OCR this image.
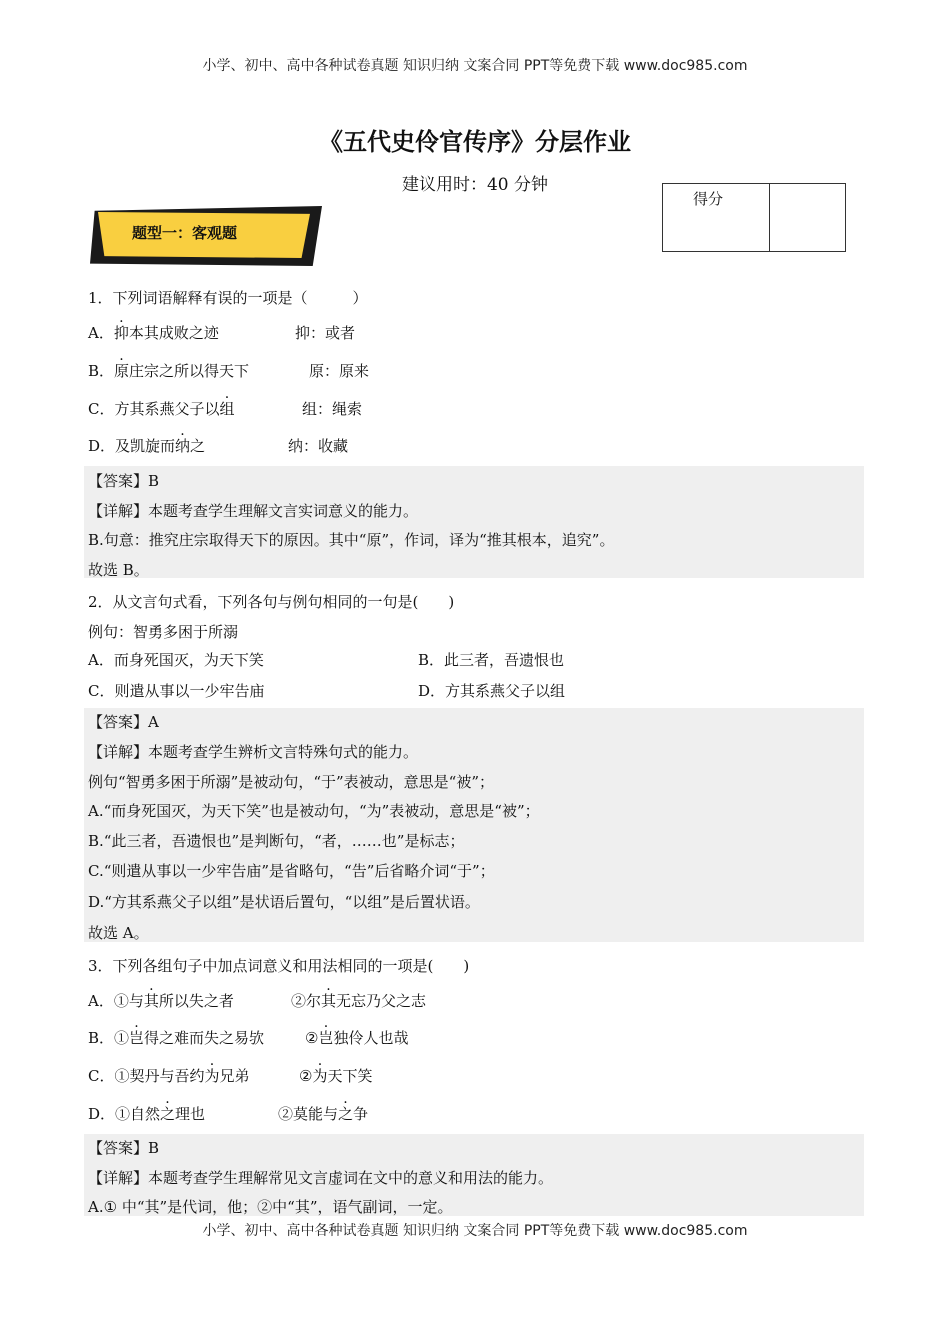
小学、初中、高中各种试卷真题 知识归纳 文案合同 PPT等免费下载 www.doc985.com
《五代史伶官传序》分层作业
建议用时：40 分钟
得分
题型一：客观题
1．下列词语解释有误的一项是（　　　）
A．抑本其成败之迹	抑：或者
B．原庄宗之所以得天下	原：原来
C．方其系燕父子以组	组：绳索
D．及凯旋而纳之	纳：收藏
【答案】B
【详解】本题考查学生理解文言实词意义的能力。
B.句意：推究庄宗取得天下的原因。其中“原”，作词，译为“推其根本，追究”。
故选 B。
2．从文言句式看，下列各句与例句相同的一句是(　　)
例句：智勇多困于所溺
A．而身死国灭，为天下笑	B．此三者，吾遗恨也
C．则遣从事以一少牢告庙	D．方其系燕父子以组
【答案】A
【详解】本题考查学生辨析文言特殊句式的能力。
例句“智勇多困于所溺”是被动句，“于”表被动，意思是“被”；
A.“而身死国灭，为天下笑”也是被动句，“为”表被动，意思是“被”；
B.“此三者，吾遗恨也”是判断句，“者，……也”是标志；
C.“则遣从事以一少牢告庙”是省略句，“告”后省略介词“于”；
D.“方其系燕父子以组”是状语后置句，“以组”是后置状语。
故选 A。
3．下列各组句子中加点词意义和用法相同的一项是(　　)
A．①与其所以失之者	②尔其无忘乃父之志
B．①岂得之难而失之易欤	②岂独伶人也哉
C．①契丹与吾约为兄弟	②为天下笑
D．①自然之理也	②莫能与之争
【答案】B
【详解】本题考查学生理解常见文言虚词在文中的意义和用法的能力。
A.① 中“其”是代词，他；②中“其”，语气副词，一定。
小学、初中、高中各种试卷真题 知识归纳 文案合同 PPT等免费下载 www.doc985.com
